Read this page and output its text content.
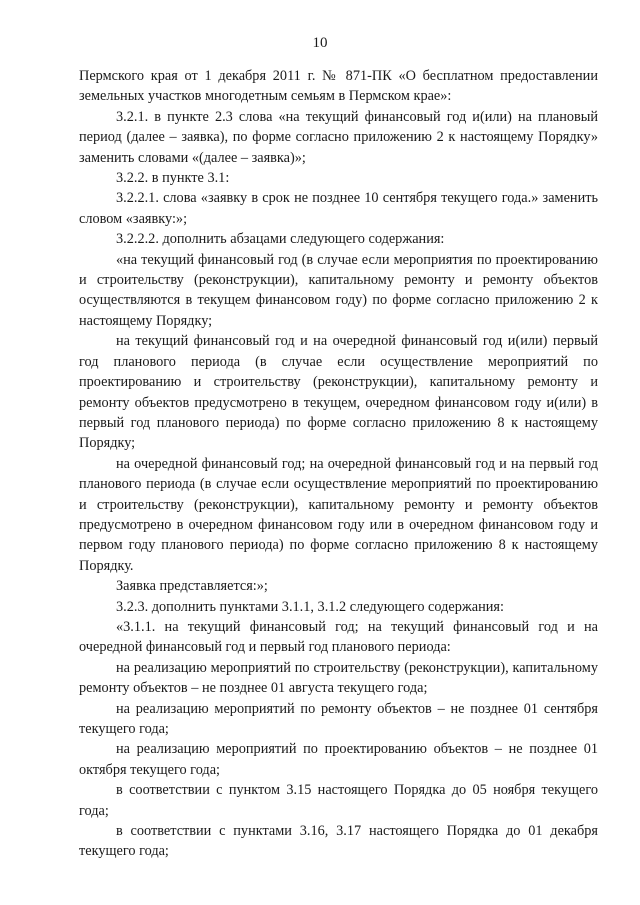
10

Пермского края от 1 декабря 2011 г. № 871-ПК «О бесплатном предоставлении земельных участков многодетным семьям в Пермском крае»:

3.2.1. в пункте 2.3 слова «на текущий финансовый год и(или) на плановый период (далее – заявка), по форме согласно приложению 2 к настоящему Порядку» заменить словами «(далее – заявка)»;

3.2.2. в пункте 3.1:

3.2.2.1. слова «заявку в срок не позднее 10 сентября текущего года.» заменить словом «заявку:»;

3.2.2.2. дополнить абзацами следующего содержания:

«на текущий финансовый год (в случае если мероприятия по проектированию и строительству (реконструкции), капитальному ремонту и ремонту объектов осуществляются в текущем финансовом году) по форме согласно приложению 2 к настоящему Порядку;

на текущий финансовый год и на очередной финансовый год и(или) первый год планового периода (в случае если осуществление мероприятий по проектированию и строительству (реконструкции), капитальному ремонту и ремонту объектов предусмотрено в текущем, очередном финансовом году и(или) в первый год планового периода) по форме согласно приложению 8 к настоящему Порядку;

на очередной финансовый год; на очередной финансовый год и на первый год планового периода (в случае если осуществление мероприятий по проектированию и строительству (реконструкции), капитальному ремонту и ремонту объектов предусмотрено в очередном финансовом году или в очередном финансовом году и первом году планового периода) по форме согласно приложению 8 к настоящему Порядку.

Заявка представляется:»;

3.2.3. дополнить пунктами 3.1.1, 3.1.2 следующего содержания:

«3.1.1. на текущий финансовый год; на текущий финансовый год и на очередной финансовый год и первый год планового периода:

на реализацию мероприятий по строительству (реконструкции), капитальному ремонту объектов – не позднее 01 августа текущего года;

на реализацию мероприятий по ремонту объектов – не позднее 01 сентября текущего года;

на реализацию мероприятий по проектированию объектов – не позднее 01 октября текущего года;

в соответствии с пунктом 3.15 настоящего Порядка до 05 ноября текущего года;

в соответствии с пунктами 3.16, 3.17 настоящего Порядка до 01 декабря текущего года;
